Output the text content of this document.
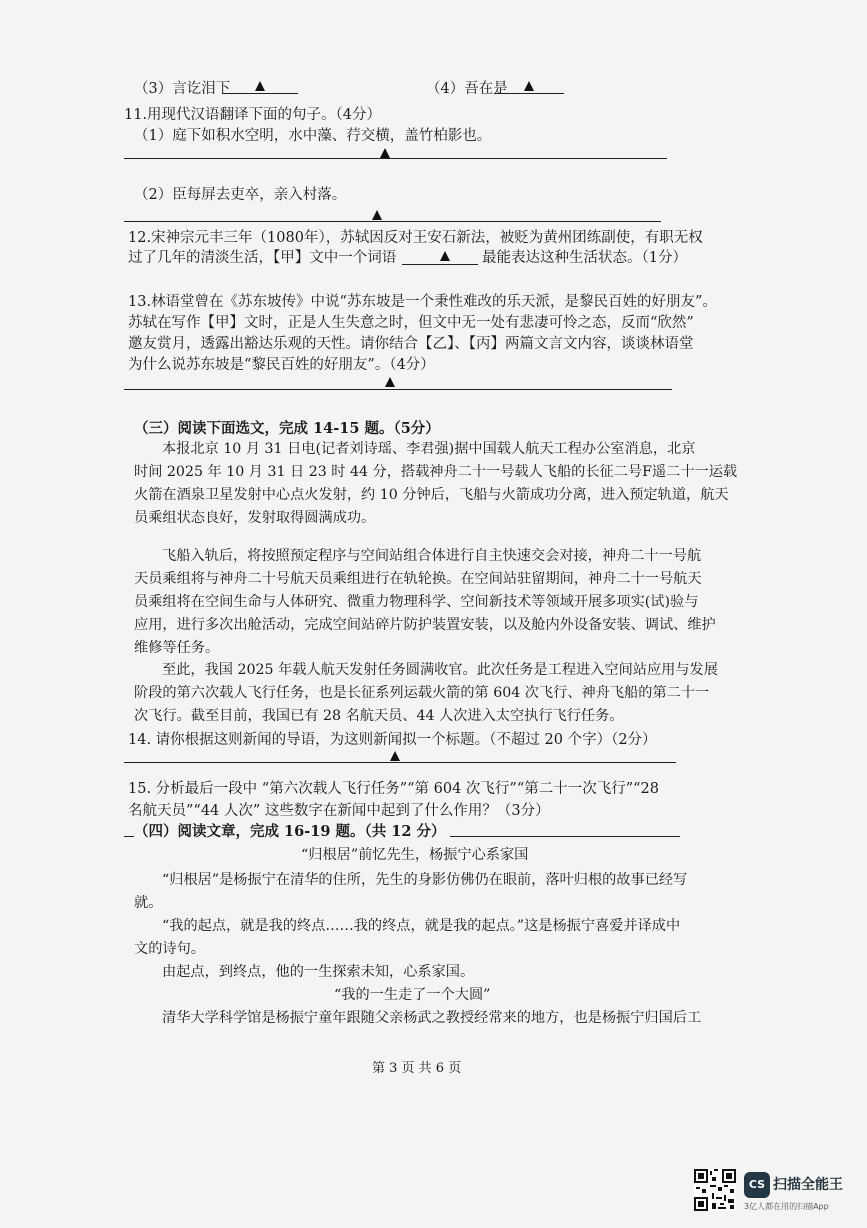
（3）言讫泪下	（4）吾在是
11.用现代汉语翻译下面的句子。（4分）
（1）庭下如积水空明，水中藻、荇交横，盖竹柏影也。
（2）臣每屏去吏卒，亲入村落。
12.宋神宗元丰三年（1080年），苏轼因反对王安石新法，被贬为黄州团练副使，有职无权
过了几年的清淡生活，【甲】文中一个词语	最能表达这种生活状态。（1分）
13.林语堂曾在《苏东坡传》中说“苏东坡是一个秉性难改的乐天派，是黎民百姓的好朋友”。
苏轼在写作【甲】文时，正是人生失意之时，但文中无一处有悲凄可怜之态，反而“欣然”
邀友赏月，透露出豁达乐观的天性。请你结合【乙】、【丙】两篇文言文内容，谈谈林语堂
为什么说苏东坡是“黎民百姓的好朋友”。（4分）
（三）阅读下面选文，完成 14-15 题。（5分）
本报北京 10 月 31 日电(记者刘诗瑶、李君强)据中国载人航天工程办公室消息，北京
时间 2025 年 10 月 31 日 23 时 44 分，搭载神舟二十一号载人飞船的长征二号F遥二十一运载
火箭在酒泉卫星发射中心点火发射，约 10 分钟后，飞船与火箭成功分离，进入预定轨道，航天
员乘组状态良好，发射取得圆满成功。
飞船入轨后，将按照预定程序与空间站组合体进行自主快速交会对接，神舟二十一号航
天员乘组将与神舟二十号航天员乘组进行在轨轮换。在空间站驻留期间，神舟二十一号航天
员乘组将在空间生命与人体研究、微重力物理科学、空间新技术等领域开展多项实(试)验与
应用，进行多次出舱活动，完成空间站碎片防护装置安装，以及舱内外设备安装、调试、维护
维修等任务。
至此，我国 2025 年载人航天发射任务圆满收官。此次任务是工程进入空间站应用与发展
阶段的第六次载人飞行任务，也是长征系列运载火箭的第 604 次飞行、神舟飞船的第二十一
次飞行。截至目前，我国已有 28 名航天员、44 人次进入太空执行飞行任务。
14. 请你根据这则新闻的导语，为这则新闻拟一个标题。（不超过 20 个字）（2分）
15. 分析最后一段中 “第六次载人飞行任务”“第 604 次飞行”“第二十一次飞行”“28
名航天员”“44 人次” 这些数字在新闻中起到了什么作用？（3分）
（四）阅读文章，完成 16-19 题。（共 12 分）
“归根居”前忆先生，杨振宁心系家国
“归根居”是杨振宁在清华的住所，先生的身影仿佛仍在眼前，落叶归根的故事已经写
就。
“我的起点，就是我的终点……我的终点，就是我的起点。”这是杨振宁喜爱并译成中
文的诗句。
由起点，到终点，他的一生探索未知，心系家国。
“我的一生走了一个大圆”
清华大学科学馆是杨振宁童年跟随父亲杨武之教授经常来的地方，也是杨振宁归国后工
第 3 页 共 6 页
CS 扫描全能王
3亿人都在用的扫描App
